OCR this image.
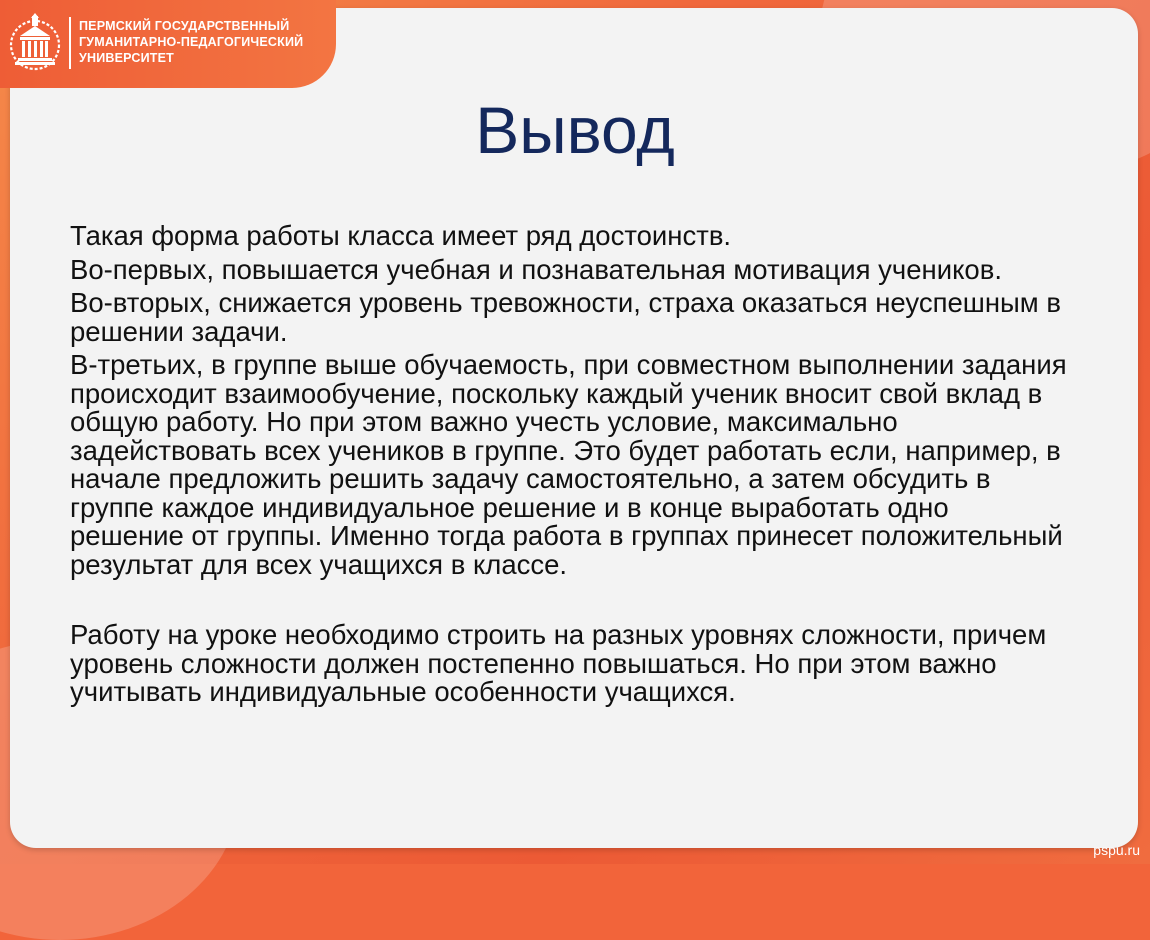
ПЕРМСКИЙ ГОСУДАРСТВЕННЫЙ
ГУМАНИТАРНО-ПЕДАГОГИЧЕСКИЙ
УНИВЕРСИТЕТ
Вывод

Такая форма работы класса имеет ряд достоинств.

Во-первых, повышается учебная и познавательная мотивация учеников.

Во-вторых, снижается уровень тревожности, страха оказаться неуспешным в решении задачи.

В-третьих, в группе выше обучаемость, при совместном выполнении задания происходит взаимообучение, поскольку каждый ученик вносит свой вклад в общую работу. Но при этом важно учесть условие, максимально задействовать всех учеников в группе. Это будет работать если, например, в начале предложить решить задачу самостоятельно, а затем обсудить в группе каждое индивидуальное решение и в конце выработать одно решение от группы. Именно тогда работа в группах принесет положительный результат для всех учащихся в классе.

Работу на уроке необходимо строить на разных уровнях сложности, причем уровень сложности должен постепенно повышаться. Но при этом важно учитывать индивидуальные особенности учащихся.

pspu.ru
